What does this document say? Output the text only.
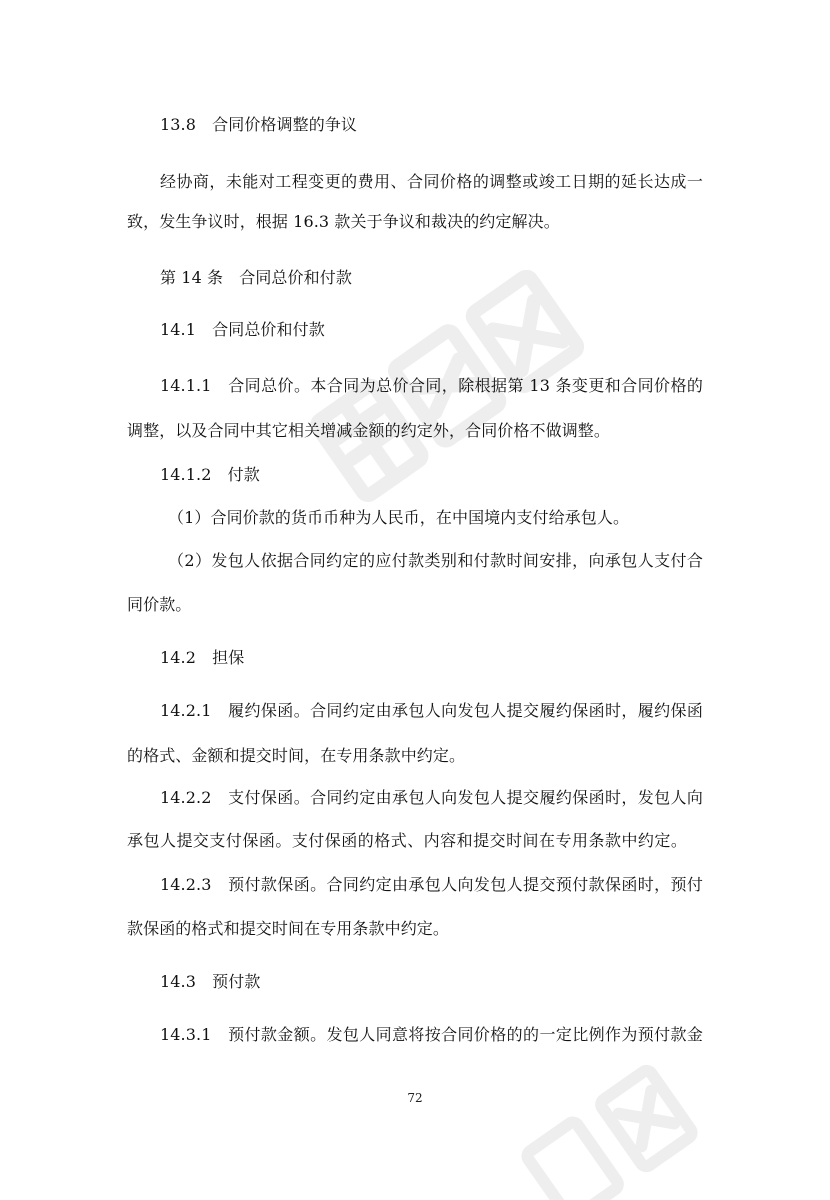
13.8　合同价格调整的争议
经协商，未能对工程变更的费用、合同价格的调整或竣工日期的延长达成一
致，发生争议时，根据 16.3 款关于争议和裁决的约定解决。
第 14 条　合同总价和付款
14.1　合同总价和付款
14.1.1　合同总价。本合同为总价合同，除根据第 13 条变更和合同价格的
调整，以及合同中其它相关增减金额的约定外，合同价格不做调整。
14.1.2　付款
（1）合同价款的货币币种为人民币，在中国境内支付给承包人。
（2）发包人依据合同约定的应付款类别和付款时间安排，向承包人支付合
同价款。
14.2　担保
14.2.1　履约保函。合同约定由承包人向发包人提交履约保函时，履约保函
的格式、金额和提交时间，在专用条款中约定。
14.2.2　支付保函。合同约定由承包人向发包人提交履约保函时，发包人向
承包人提交支付保函。支付保函的格式、内容和提交时间在专用条款中约定。
14.2.3　预付款保函。合同约定由承包人向发包人提交预付款保函时，预付
款保函的格式和提交时间在专用条款中约定。
14.3　预付款
14.3.1　预付款金额。发包人同意将按合同价格的的一定比例作为预付款金
72
